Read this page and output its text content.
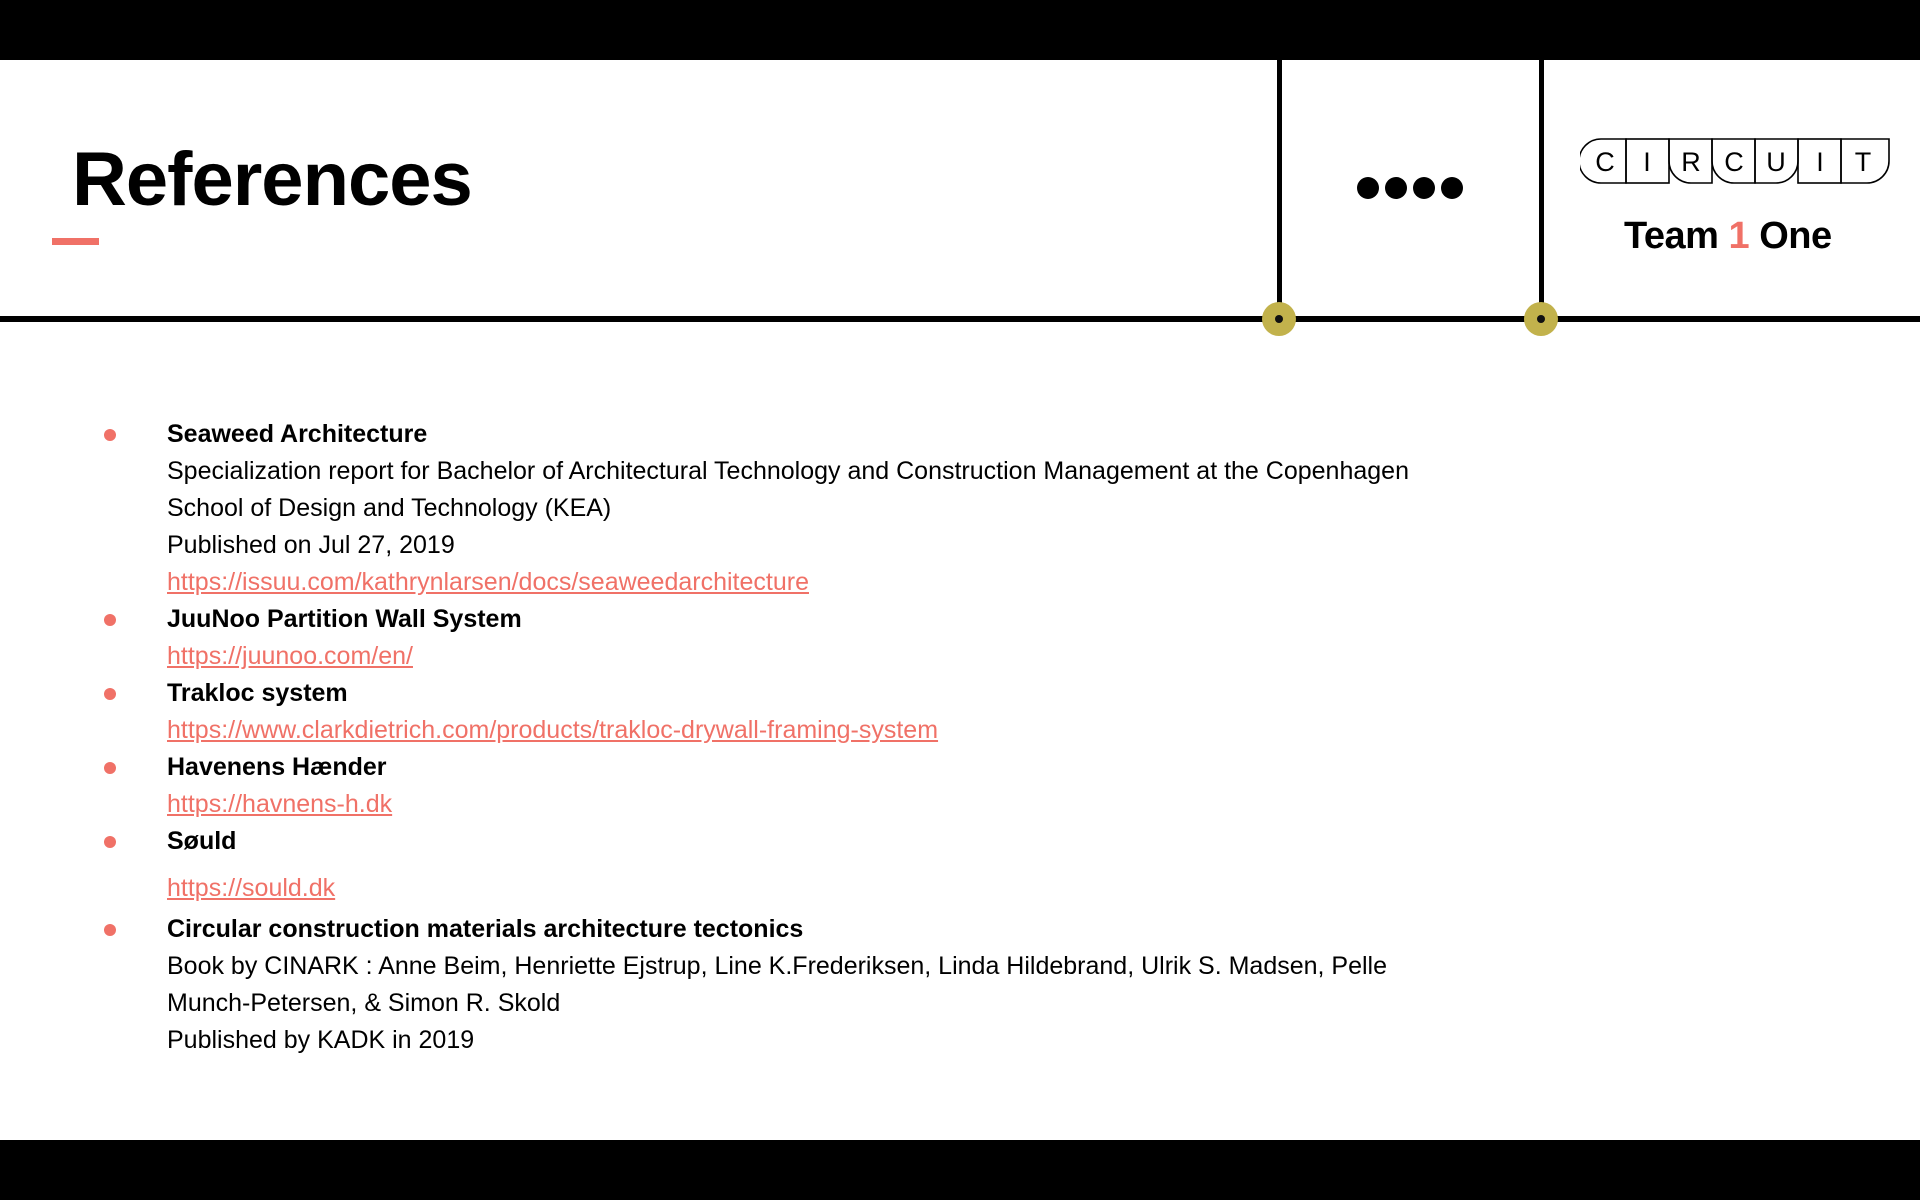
References	C I R C U I T

Team 1 One

Seaweed Architecture
Specialization report for Bachelor of Architectural Technology and Construction Management at the Copenhagen
School of Design and Technology (KEA)
Published on Jul 27, 2019
https://issuu.com/kathrynlarsen/docs/seaweedarchitecture
JuuNoo Partition Wall System
https://juunoo.com/en/
Trakloc system
https://www.clarkdietrich.com/products/trakloc-drywall-framing-system
Havenens Hænder
https://havnens-h.dk
Søuld
https://sould.dk
Circular construction materials architecture tectonics
Book by CINARK : Anne Beim, Henriette Ejstrup, Line K.Frederiksen, Linda Hildebrand, Ulrik S. Madsen, Pelle
Munch-Petersen, & Simon R. Skold
Published by KADK in 2019
